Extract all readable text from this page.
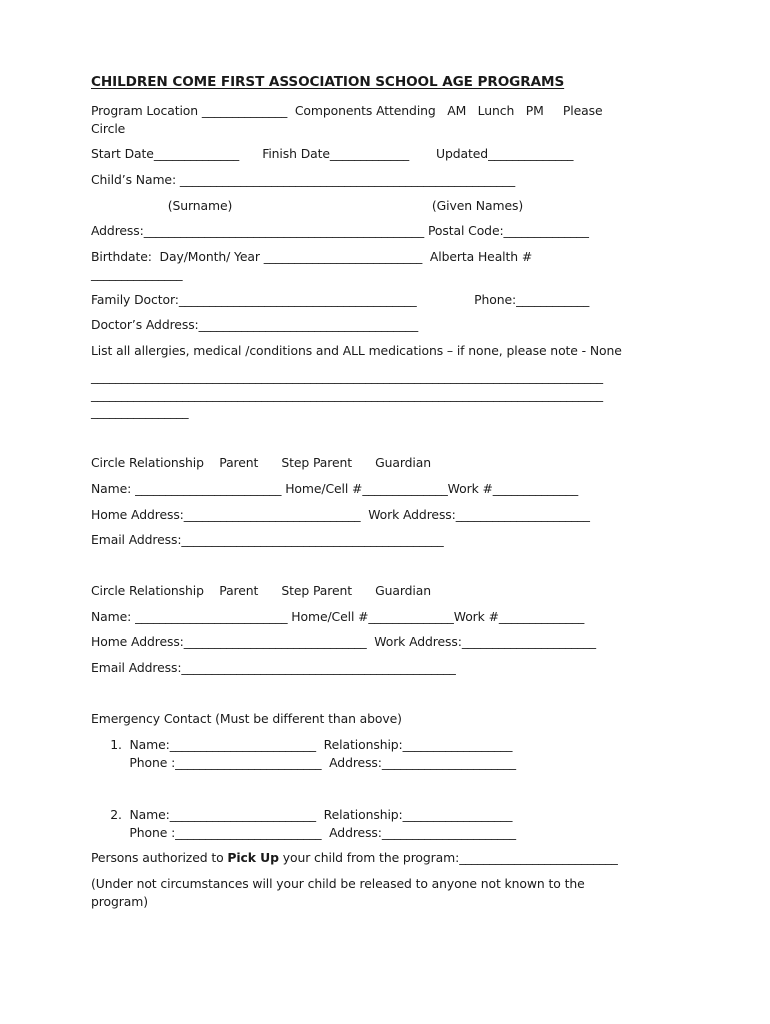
CHILDREN COME FIRST ASSOCIATION SCHOOL AGE PROGRAMS
Program Location ______________  Components Attending   AM   Lunch   PM     Please
Circle
Start Date______________      Finish Date_____________       Updated______________
Child’s Name: _______________________________________________________
(Surname)                                                    (Given Names)
Address:______________________________________________ Postal Code:______________
Birthdate:  Day/Month/ Year __________________________  Alberta Health #
_______________
Family Doctor:_______________________________________               Phone:____________
Doctor’s Address:____________________________________
List all allergies, medical /conditions and ALL medications – if none, please note - None
____________________________________________________________________________________
____________________________________________________________________________________
________________
Circle Relationship    Parent      Step Parent      Guardian
Name: ________________________ Home/Cell #______________Work #______________
Home Address:_____________________________  Work Address:______________________
Email Address:___________________________________________
Circle Relationship    Parent      Step Parent      Guardian
Name: _________________________ Home/Cell #______________Work #______________
Home Address:______________________________  Work Address:______________________
Email Address:_____________________________________________
Emergency Contact (Must be different than above)
1.  Name:________________________  Relationship:__________________
Phone :________________________  Address:______________________
2.  Name:________________________  Relationship:__________________
Phone :________________________  Address:______________________
Persons authorized to Pick Up your child from the program:__________________________
(Under not circumstances will your child be released to anyone not known to the
program)
